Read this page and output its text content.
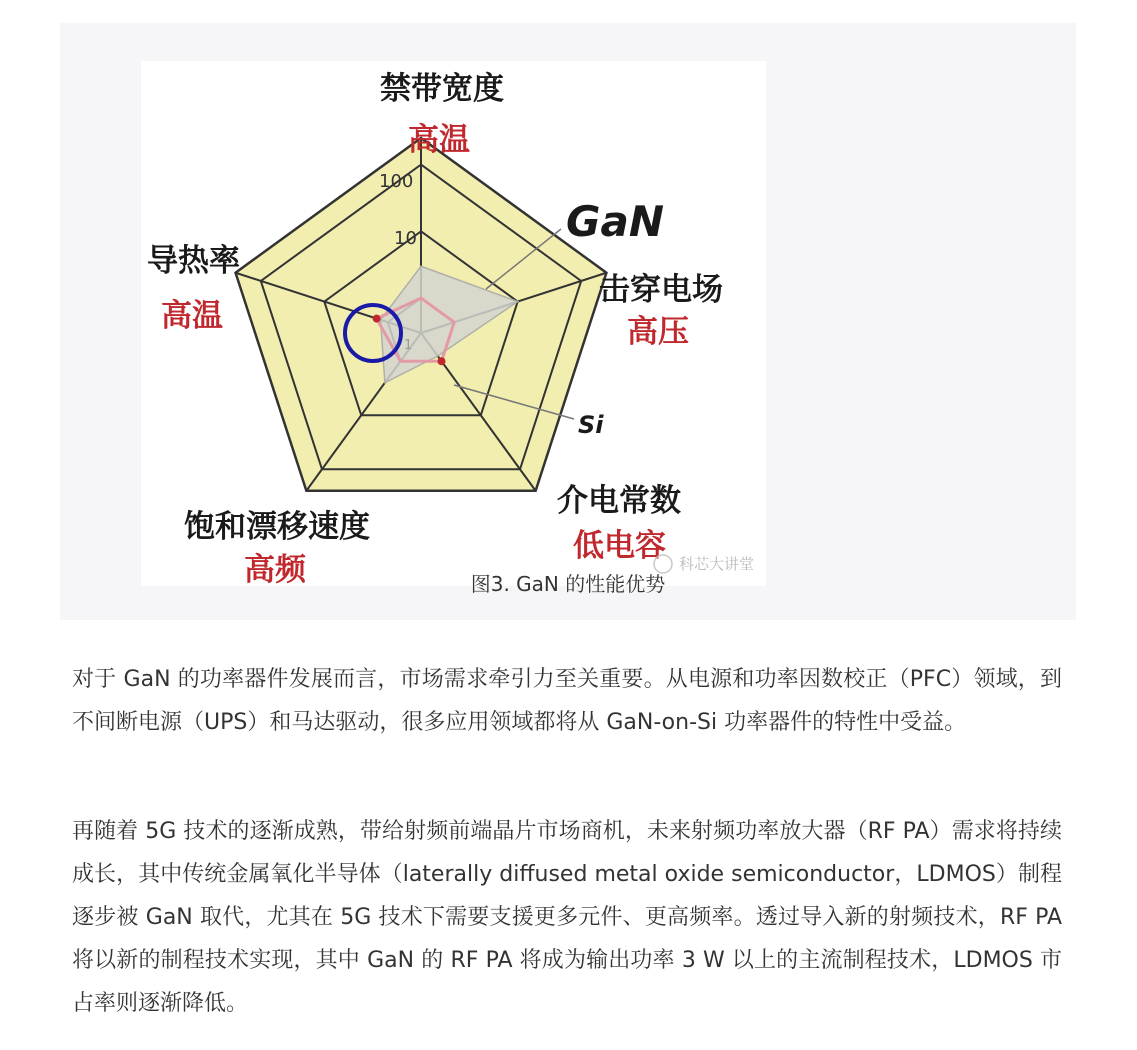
100
10
1
GaN
Si
禁带宽度
高温
击穿电场
高压
介电常数
低电容
饱和漂移速度
高频
导热率
高温
科芯大讲堂
图3. GaN 的性能优势

对于 GaN 的功率器件发展而言，市场需求牵引力至关重要。从电源和功率因数校正（PFC）领域，到不间断电源（UPS）和马达驱动，很多应用领域都将从 GaN-on-Si 功率器件的特性中受益。

再随着 5G 技术的逐渐成熟，带给射频前端晶片市场商机，未来射频功率放大器（RF PA）需求将持续成长，其中传统金属氧化半导体（laterally diffused metal oxide semiconductor，LDMOS）制程逐步被 GaN 取代，尤其在 5G 技术下需要支援更多元件、更高频率。透过导入新的射频技术，RF PA 将以新的制程技术实现，其中 GaN 的 RF PA 将成为输出功率 3 W 以上的主流制程技术，LDMOS 市占率则逐渐降低。
